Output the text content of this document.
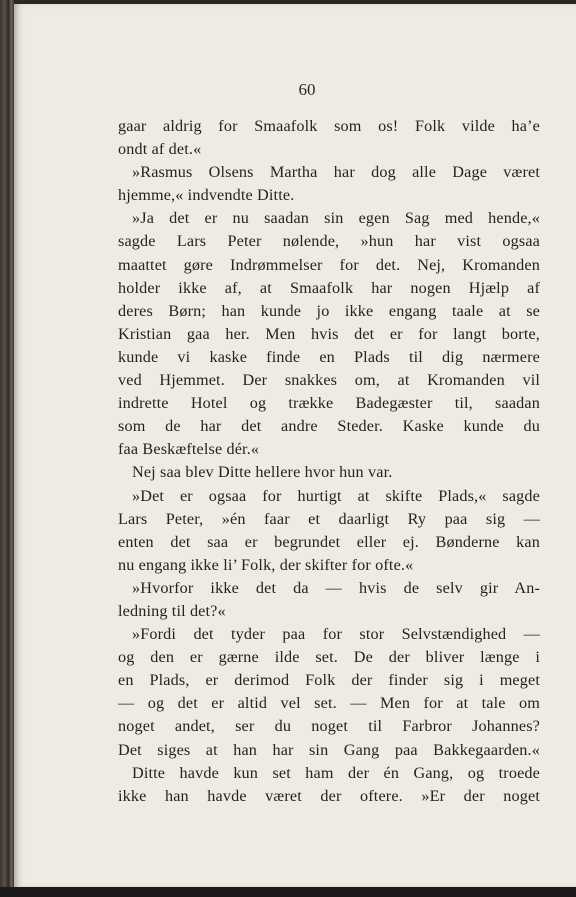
60
gaar aldrig for Smaafolk som os! Folk vilde ha’e
ondt af det.«
»Rasmus Olsens Martha har dog alle Dage været
hjemme,« indvendte Ditte.
»Ja det er nu saadan sin egen Sag med hende,«
sagde Lars Peter nølende, »hun har vist ogsaa
maattet gøre Indrømmelser for det. Nej, Kromanden
holder ikke af, at Smaafolk har nogen Hjælp af
deres Børn; han kunde jo ikke engang taale at se
Kristian gaa her. Men hvis det er for langt borte,
kunde vi kaske finde en Plads til dig nærmere
ved Hjemmet. Der snakkes om, at Kromanden vil
indrette Hotel og trække Badegæster til, saadan
som de har det andre Steder. Kaske kunde du
faa Beskæftelse dér.«
Nej saa blev Ditte hellere hvor hun var.
»Det er ogsaa for hurtigt at skifte Plads,« sagde
Lars Peter, »én faar et daarligt Ry paa sig —
enten det saa er begrundet eller ej. Bønderne kan
nu engang ikke li’ Folk, der skifter for ofte.«
»Hvorfor ikke det da — hvis de selv gir An-
ledning til det?«
»Fordi det tyder paa for stor Selvstændighed —
og den er gærne ilde set. De der bliver længe i
en Plads, er derimod Folk der finder sig i meget
— og det er altid vel set. — Men for at tale om
noget andet, ser du noget til Farbror Johannes?
Det siges at han har sin Gang paa Bakkegaarden.«
Ditte havde kun set ham der én Gang, og troede
ikke han havde været der oftere. »Er der noget
